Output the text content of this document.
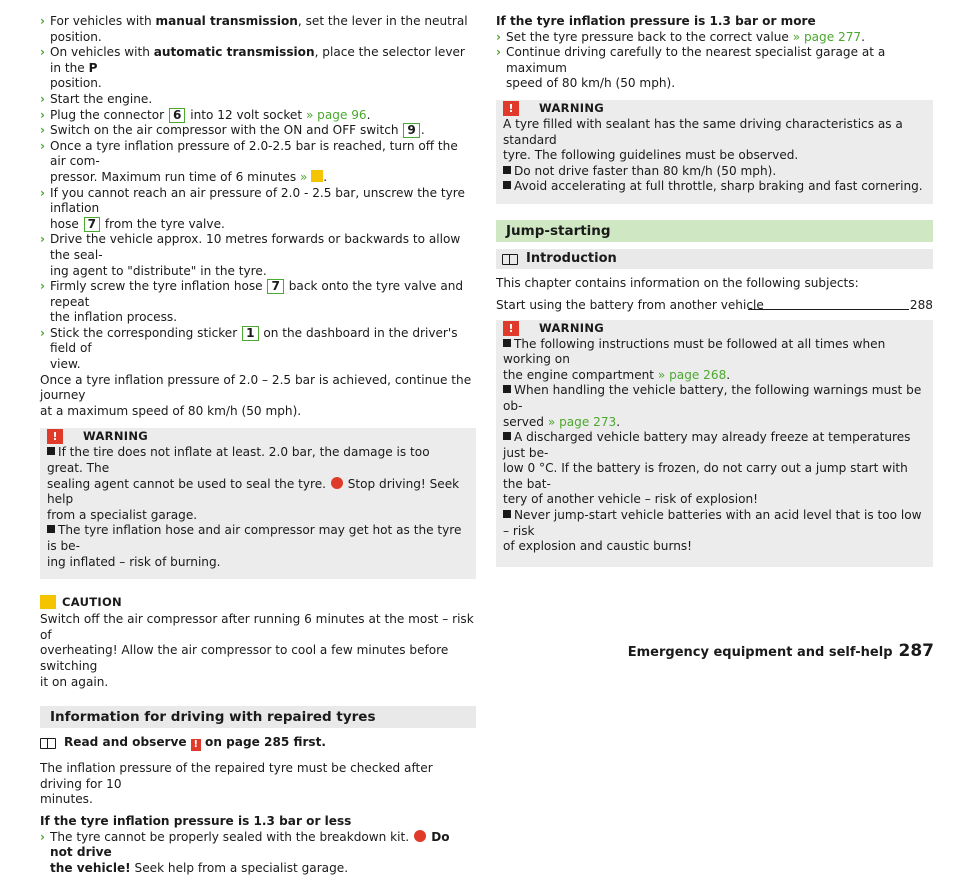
› For vehicles with manual transmission, set the lever in the neutral position.
› On vehicles with automatic transmission, place the selector lever in the P
position.
› Start the engine.
› Plug the connector 6 into 12 volt socket » page 96.
› Switch on the air compressor with the ON and OFF switch 9 .
› Once a tyre inflation pressure of 2.0-2.5 bar is reached, turn off the air com-
pressor. Maximum run time of 6 minutes » .
› If you cannot reach an air pressure of 2.0 - 2.5 bar, unscrew the tyre inflation
hose 7 from the tyre valve.
› Drive the vehicle approx. 10 metres forwards or backwards to allow the seal-
ing agent to "distribute" in the tyre.
› Firmly screw the tyre inflation hose 7 back onto the tyre valve and repeat
the inflation process.
› Stick the corresponding sticker 1 on the dashboard in the driver's field of
view.
Once a tyre inflation pressure of 2.0 – 2.5 bar is achieved, continue the journey
at a maximum speed of 80 km/h (50 mph).
!	WARNING
If the tire does not inflate at least. 2.0 bar, the damage is too great. The
sealing agent cannot be used to seal the tyre.  Stop driving! Seek help
from a specialist garage.
The tyre inflation hose and air compressor may get hot as the tyre is be-
ing inflated – risk of burning.
CAUTION
Switch off the air compressor after running 6 minutes at the most – risk of
overheating! Allow the air compressor to cool a few minutes before switching
it on again.
Information for driving with repaired tyres
Read and observe ! on page 285 first.
The inflation pressure of the repaired tyre must be checked after driving for 10
minutes.
If the tyre inflation pressure is 1.3 bar or less
› The tyre cannot be properly sealed with the breakdown kit.  Do not drive
the vehicle! Seek help from a specialist garage.
If the tyre inflation pressure is 1.3 bar or more
› Set the tyre pressure back to the correct value » page 277.
› Continue driving carefully to the nearest specialist garage at a maximum
speed of 80 km/h (50 mph).
!	WARNING
A tyre filled with sealant has the same driving characteristics as a standard
tyre. The following guidelines must be observed.
Do not drive faster than 80 km/h (50 mph).
Avoid accelerating at full throttle, sharp braking and fast cornering.
Jump-starting
Introduction
This chapter contains information on the following subjects:
Start using the battery from another vehicle	288
!	WARNING
The following instructions must be followed at all times when working on
the engine compartment » page 268.
When handling the vehicle battery, the following warnings must be ob-
served » page 273.
A discharged vehicle battery may already freeze at temperatures just be-
low 0 °C. If the battery is frozen, do not carry out a jump start with the bat-
tery of another vehicle – risk of explosion!
Never jump-start vehicle batteries with an acid level that is too low – risk
of explosion and caustic burns!
Emergency equipment and self-help 287
